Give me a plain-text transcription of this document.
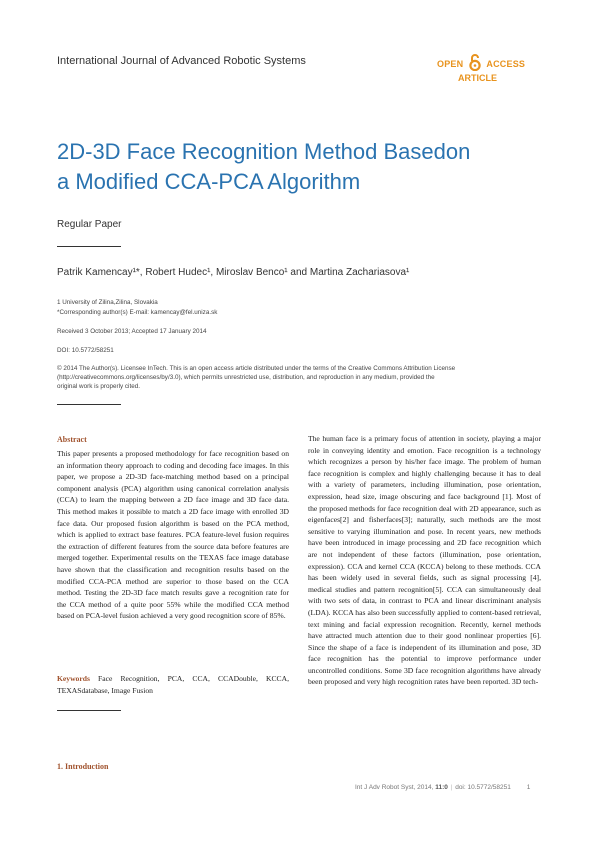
International Journal of Advanced Robotic Systems	OPEN	ACCESS
ARTICLE
2D-3D Face Recognition Method Basedon
a Modified CCA-PCA Algorithm
Regular Paper
Patrik Kamencay¹*, Robert Hudec¹, Miroslav Benco¹ and Martina Zachariasova¹
1 University of Zilina,Zilina, Slovakia
*Corresponding author(s) E-mail: kamencay@fel.uniza.sk
Received 3 October 2013; Accepted 17 January 2014
DOI: 10.5772/58251
© 2014 The Author(s). Licensee InTech. This is an open access article distributed under the terms of the Creative Commons Attribution License
(http://creativecommons.org/licenses/by/3.0), which permits unrestricted use, distribution, and reproduction in any medium, provided the
original work is properly cited.
Abstract
This paper presents a proposed methodology for face recognition based on an information theory approach to coding and decoding face images. In this paper, we propose a 2D-3D face-matching method based on a principal component analysis (PCA) algorithm using canonical correlation analysis (CCA) to learn the mapping between a 2D face image and 3D face data. This method makes it possible to match a 2D face image with enrolled 3D face data. Our proposed fusion algorithm is based on the PCA method, which is applied to extract base features. PCA feature-level fusion requires the extraction of different features from the source data before features are merged together. Experimental results on the TEXAS face image database have shown that the classification and recognition results based on the modified CCA-PCA method are superior to those based on the CCA method. Testing the 2D-3D face match results gave a recognition rate for the CCA method of a quite poor 55% while the modified CCA method based on PCA-level fusion achieved a very good recognition score of 85%.
Keywords Face Recognition, PCA, CCA, CCADouble, KCCA, TEXASdatabase, Image Fusion
1. Introduction
The human face is a primary focus of attention in society, playing a major role in conveying identity and emotion. Face recognition is a technology which recognizes a person by his/her face image. The problem of human face recognition is complex and highly challenging because it has to deal with a variety of parameters, including illumination, pose orientation, expression, head size, image obscuring and face background [1]. Most of the proposed methods for face recognition deal with 2D appearance, such as eigenfaces[2] and fisherfaces[3]; naturally, such methods are the most sensitive to varying illumination and pose. In recent years, new methods have been introduced in image processing and 2D face recognition which are not independent of these factors (illumination, pose orientation, expression). CCA and kernel CCA (KCCA) belong to these methods. CCA has been widely used in several fields, such as signal processing [4], medical studies and pattern recognition[5]. CCA can simultaneously deal with two sets of data, in contrast to PCA and linear discriminant analysis (LDA). KCCA has also been successfully applied to content-based retrieval, text mining and facial expression recognition. Recently, kernel methods have attracted much attention due to their good nonlinear properties [6]. Since the shape of a face is independent of its illumination and pose, 3D face recognition has the potential to improve performance under uncontrolled conditions. Some 3D face recognition algorithms have already been proposed and very high recognition rates have been reported. 3D tech-
Int J Adv Robot Syst, 2014, 11:0 | doi: 10.5772/58251 1
